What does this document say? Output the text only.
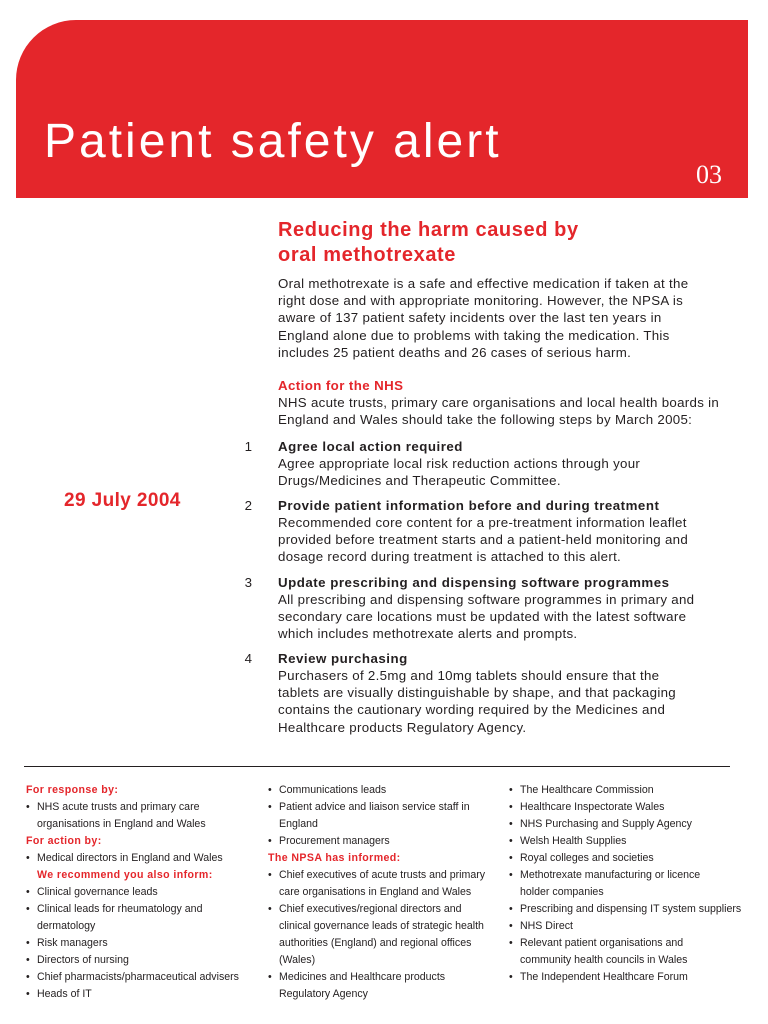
Patient safety alert
03
Reducing the harm caused by
oral methotrexate

Oral methotrexate is a safe and effective medication if taken at the
right dose and with appropriate monitoring. However, the NPSA is
aware of 137 patient safety incidents over the last ten years in
England alone due to problems with taking the medication. This
includes 25 patient deaths and 26 cases of serious harm.

Action for the NHS

NHS acute trusts, primary care organisations and local health boards in
England and Wales should take the following steps by March 2005:

29 July 2004
1 Agree local action required

Agree appropriate local risk reduction actions through your
Drugs/Medicines and Therapeutic Committee.

2 Provide patient information before and during treatment

Recommended core content for a pre-treatment information leaflet
provided before treatment starts and a patient-held monitoring and
dosage record during treatment is attached to this alert.

3 Update prescribing and dispensing software programmes

All prescribing and dispensing software programmes in primary and
secondary care locations must be updated with the latest software
which includes methotrexate alerts and prompts.

4 Review purchasing

Purchasers of 2.5mg and 10mg tablets should ensure that the
tablets are visually distinguishable by shape, and that packaging
contains the cautionary wording required by the Medicines and
Healthcare products Regulatory Agency.

For response by:
• NHS acute trusts and primary care
organisations in England and Wales
For action by:
• Medical directors in England and Wales
We recommend you also inform:
• Clinical governance leads
• Clinical leads for rheumatology and
dermatology
• Risk managers
• Directors of nursing
• Chief pharmacists/pharmaceutical advisers
• Heads of IT
• Communications leads
• Patient advice and liaison service staff in
England
• Procurement managers
The NPSA has informed:
• Chief executives of acute trusts and primary
care organisations in England and Wales
• Chief executives/regional directors and
clinical governance leads of strategic health
authorities (England) and regional offices
(Wales)
• Medicines and Healthcare products
Regulatory Agency
• The Healthcare Commission
• Healthcare Inspectorate Wales
• NHS Purchasing and Supply Agency
• Welsh Health Supplies
• Royal colleges and societies
• Methotrexate manufacturing or licence
holder companies
• Prescribing and dispensing IT system suppliers
• NHS Direct
• Relevant patient organisations and
community health councils in Wales
• The Independent Healthcare Forum
